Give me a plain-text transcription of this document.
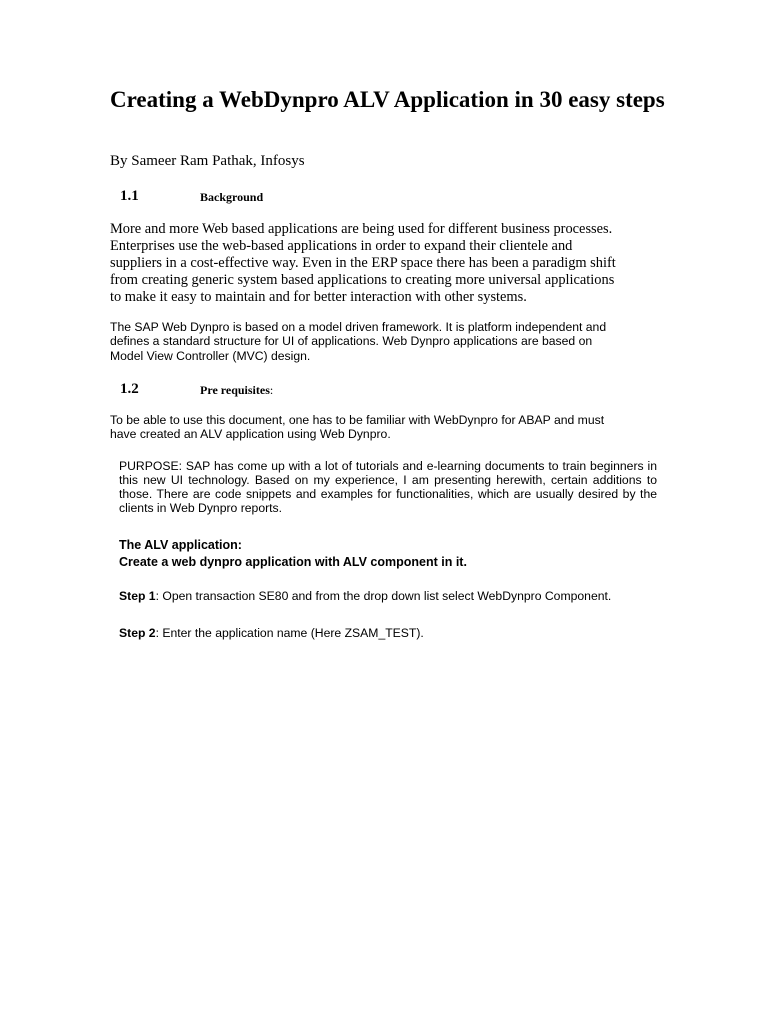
Creating a WebDynpro ALV Application in 30 easy steps

By Sameer Ram Pathak, Infosys

1.1	Background
More and more Web based applications are being used for different business processes.
Enterprises use the web-based applications in order to expand their clientele and
suppliers in a cost-effective way. Even in the ERP space there has been a paradigm shift
from creating generic system based applications to creating more universal applications
to make it easy to maintain and for better interaction with other systems.
The SAP Web Dynpro is based on a model driven framework. It is platform independent and
defines a standard structure for UI of applications. Web Dynpro applications are based on
Model View Controller (MVC) design.
1.2	Pre requisites:
To be able to use this document, one has to be familiar with WebDynpro for ABAP and must
have created an ALV application using Web Dynpro.

PURPOSE: SAP has come up with a lot of tutorials and e-learning documents to train beginners in this new UI technology. Based on my experience, I am presenting herewith, certain additions to those. There are code snippets and examples for functionalities, which are usually desired by the clients in Web Dynpro reports.

The ALV application:
Create a web dynpro application with ALV component in it.

Step 1: Open transaction SE80 and from the drop down list select WebDynpro Component.

Step 2: Enter the application name (Here ZSAM_TEST).
